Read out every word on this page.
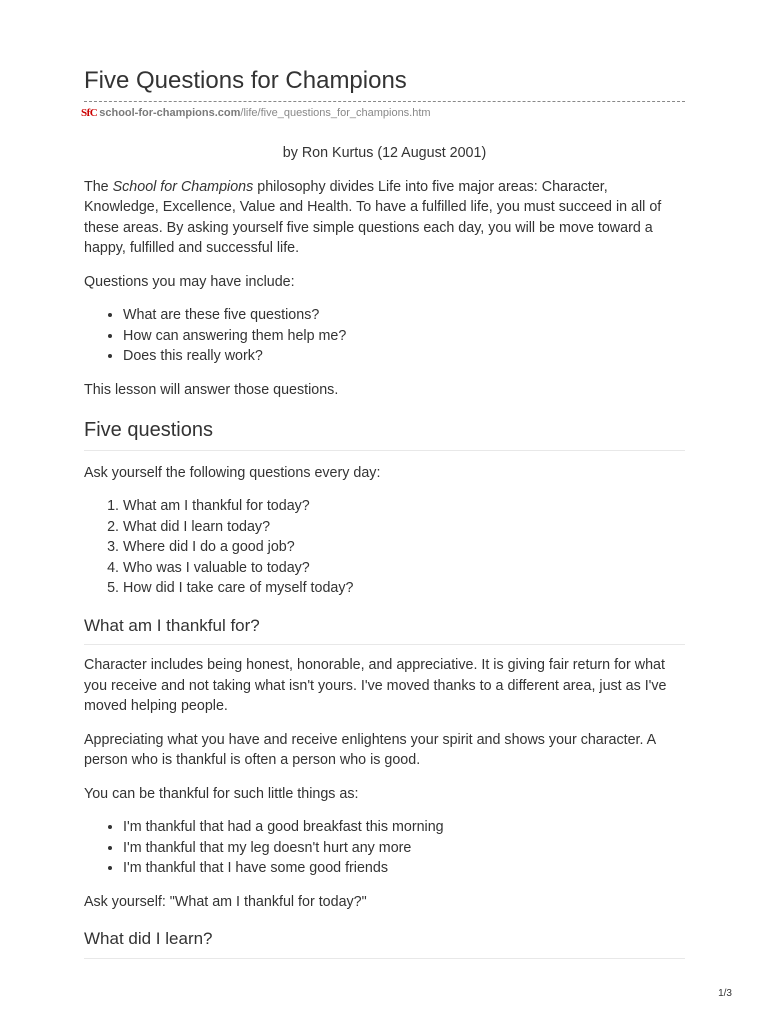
Five Questions for Champions
SfC school-for-champions.com /life/five_questions_for_champions.htm

by Ron Kurtus (12 August 2001)

The School for Champions philosophy divides Life into five major areas: Character, Knowledge, Excellence, Value and Health. To have a fulfilled life, you must succeed in all of these areas. By asking yourself five simple questions each day, you will be move toward a happy, fulfilled and successful life.

Questions you may have include:

• What are these five questions?
• How can answering them help me?
• Does this really work?

This lesson will answer those questions.

Five questions

Ask yourself the following questions every day:

1. What am I thankful for today?
2. What did I learn today?
3. Where did I do a good job?
4. Who was I valuable to today?
5. How did I take care of myself today?
What am I thankful for?

Character includes being honest, honorable, and appreciative. It is giving fair return for what you receive and not taking what isn't yours. I've moved thanks to a different area, just as I've moved helping people.

Appreciating what you have and receive enlightens your spirit and shows your character. A person who is thankful is often a person who is good.

You can be thankful for such little things as:

• I'm thankful that had a good breakfast this morning
• I'm thankful that my leg doesn't hurt any more
• I'm thankful that I have some good friends

Ask yourself: "What am I thankful for today?"

What did I learn?
1/3
